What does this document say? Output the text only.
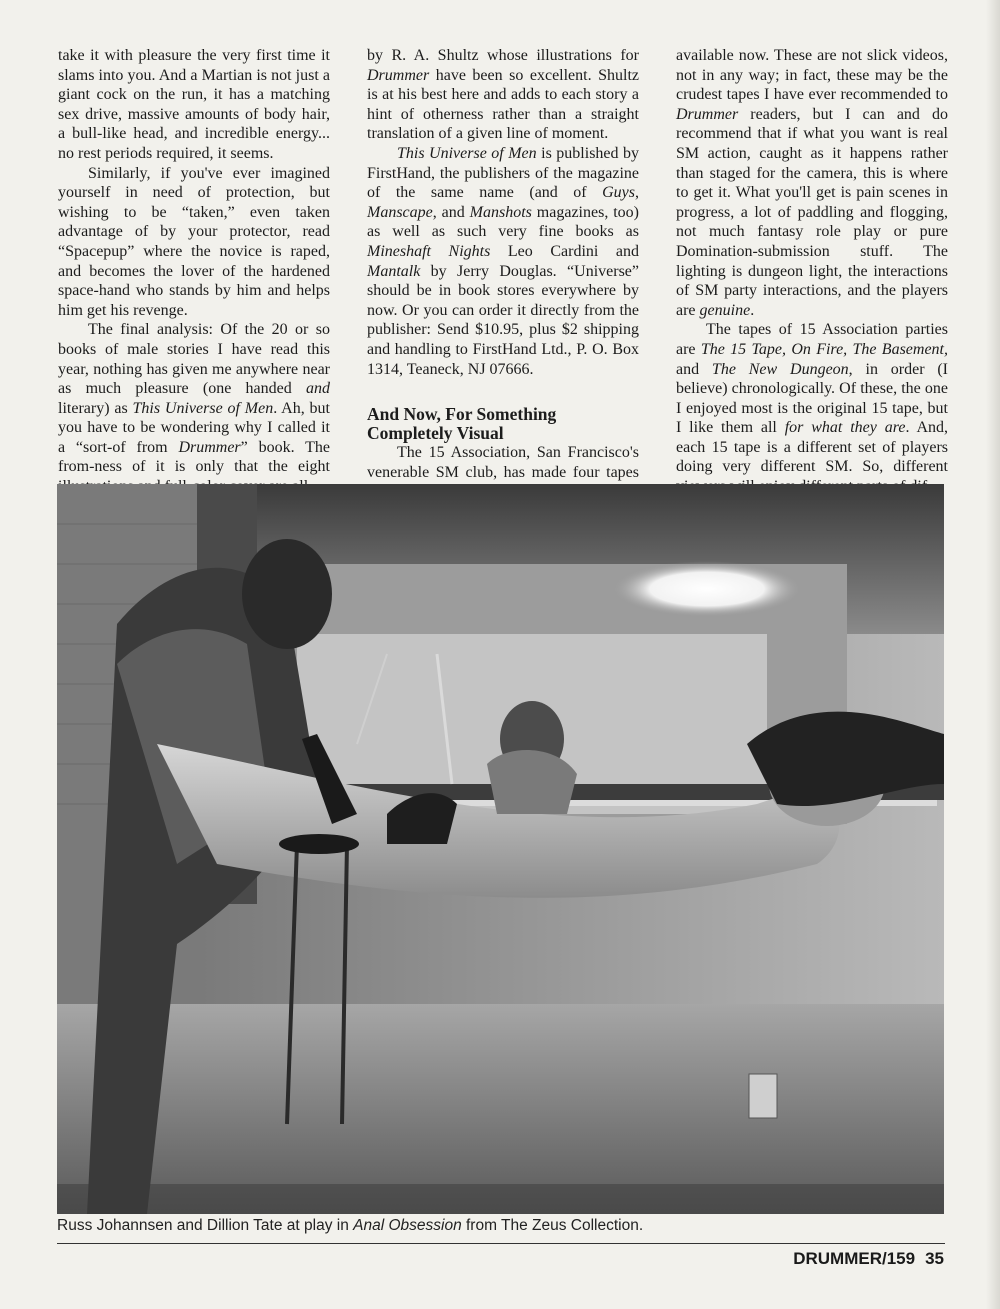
take it with pleasure the very first time it slams into you. And a Martian is not just a giant cock on the run, it has a matching sex drive, massive amounts of body hair, a bull-like head, and incredible energy... no rest periods required, it seems.

Similarly, if you've ever imagined yourself in need of protection, but wishing to be “taken,” even taken advantage of by your protector, read “Spacepup” where the novice is raped, and becomes the lover of the hardened space-hand who stands by him and helps him get his revenge.

The final analysis: Of the 20 or so books of male stories I have read this year, nothing has given me anywhere near as much pleasure (one handed and literary) as This Universe of Men. Ah, but you have to be wondering why I called it a “sort-of from Drummer” book. The from-ness of it is only that the eight

by R. A. Shultz whose illustrations for Drummer have been so excellent. Shultz is at his best here and adds to each story a hint of otherness rather than a straight translation of a given line of moment.

This Universe of Men is published by FirstHand, the publishers of the magazine of the same name (and of Guys, Manscape, and Manshots magazines, too) as well as such very fine books as Mineshaft Nights Leo Cardini and Mantalk by Jerry Douglas. “Universe” should be in book stores everywhere by now. Or you can order it directly from the publisher: Send $10.95, plus $2 shipping and handling to FirstHand Ltd., P. O. Box 1314, Teaneck, NJ 07666.

And Now, For Something Completely Visual

The 15 Association, San Francisco's venerable SM club, has made four tapes

available now. These are not slick videos, not in any way; in fact, these may be the crudest tapes I have ever recommended to Drummer readers, but I can and do recommend that if what you want is real SM action, caught as it happens rather than staged for the camera, this is where to get it. What you'll get is pain scenes in progress, a lot of paddling and flogging, not much fantasy role play or pure Domination-submission stuff. The lighting is dungeon light, the interactions of SM party interactions, and the players are genuine.

The tapes of 15 Association parties are The 15 Tape, On Fire, The Basement, and The New Dungeon, in order (I believe) chronologically. Of these, the one I enjoyed most is the original 15 tape, but I like them all for what they are. And, each 15 tape is a different set of players doing very different SM. So, different

Russ Johannsen and Dillion Tate at play in Anal Obsession from The Zeus Collection.
DRUMMER/159 35
